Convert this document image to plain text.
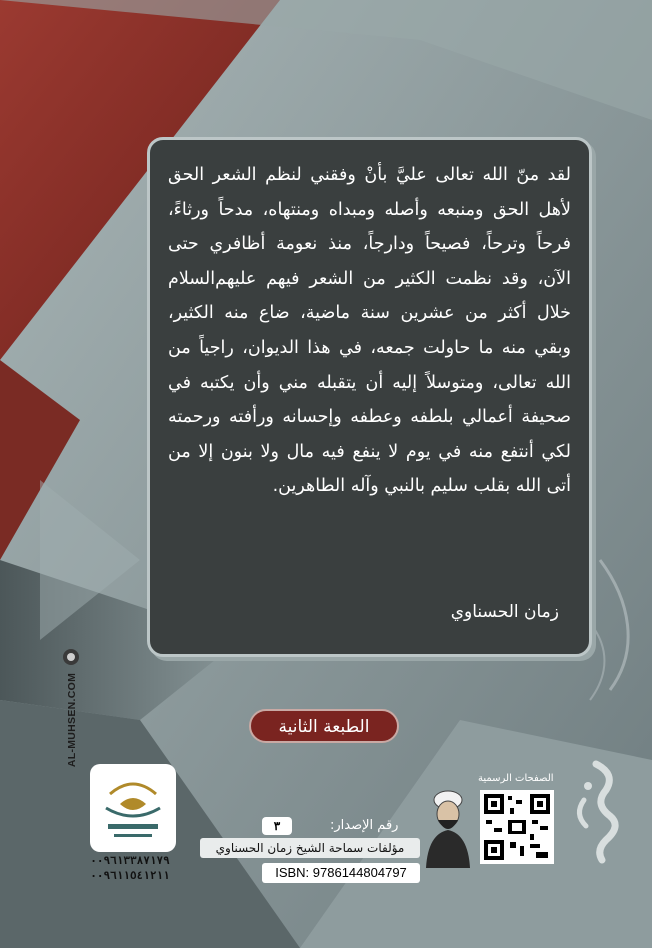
لقد منّ الله تعالى عليَّ بأنْ وفقني لنظم الشعر الحق لأهل الحق ومنبعه وأصله ومبداه ومنتهاه، مدحاً ورثاءً، فرحاً وترحاً، فصيحاً ودارجاً، منذ نعومة أظافري حتى الآن، وقد نظمت الكثير من الشعر فيهم عليهم‌السلام خلال أكثر من عشرين سنة ماضية، ضاع منه الكثير، وبقي منه ما حاولت جمعه، في هذا الديوان، راجياً من الله تعالى، ومتوسلاً إليه أن يتقبله مني وأن يكتبه في صحيفة أعمالي بلطفه وعطفه وإحسانه ورأفته ورحمته لكي أنتفع منه في يوم لا ينفع فيه مال ولا بنون إلا من أتى الله بقلب سليم بالنبي وآله الطاهرين.

زمان الحسناوي
الطبعة الثانية
AL-MUHSEN.COM
٠٠٩٦١٣٣٨٧١٧٩
٠٠٩٦١١٥٤١٢١١
رقم الإصدار:
٣
مؤلفات سماحة الشيخ زمان الحسناوي
ISBN: 9786144804797
الصفحات الرسمية
